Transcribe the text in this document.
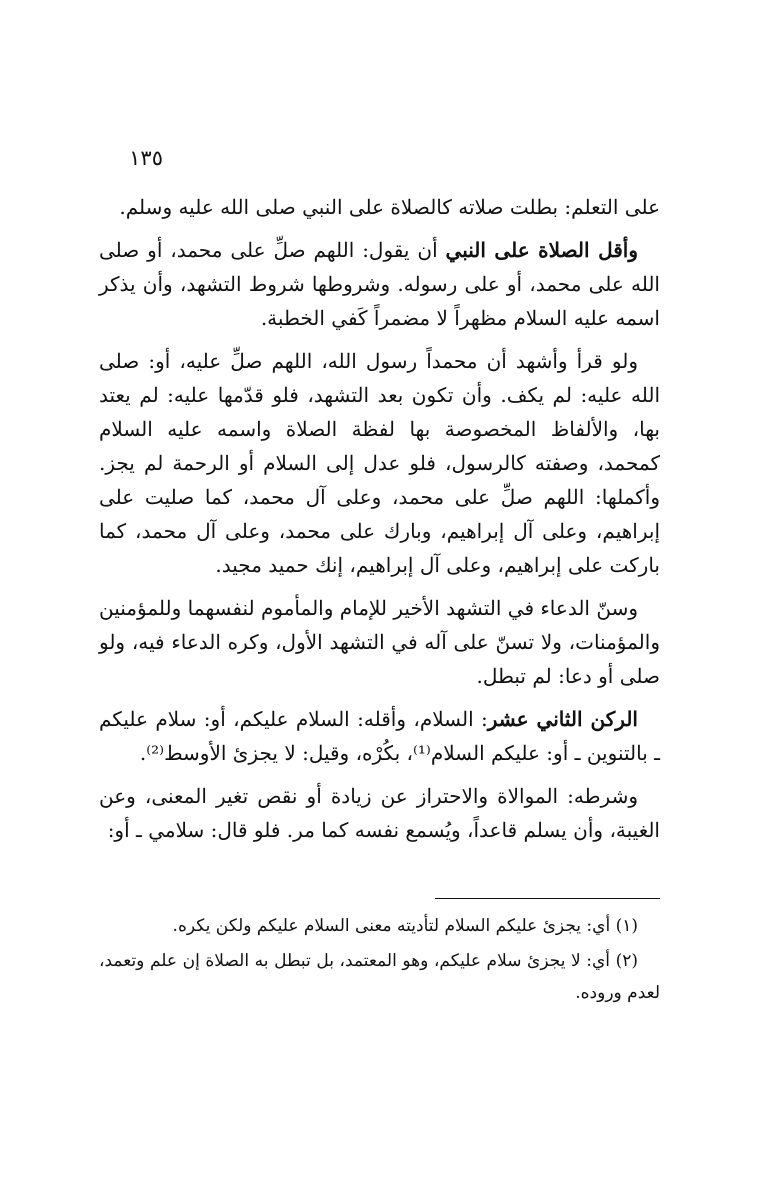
١٣٥

على التعلم: بطلت صلاته كالصلاة على النبي صلى الله عليه وسلم.

وأقل الصلاة على النبي أن يقول: اللهم صلِّ على محمد، أو صلى الله على محمد، أو على رسوله. وشروطها شروط التشهد، وأن يذكر اسمه عليه السلام مظهراً لا مضمراً كَفي الخطبة.

ولو قرأ وأشهد أن محمداً رسول الله، اللهم صلِّ عليه، أو: صلى الله عليه: لم يكف. وأن تكون بعد التشهد، فلو قدّمها عليه: لم يعتد بها، والألفاظ المخصوصة بها لفظة الصلاة واسمه عليه السلام كمحمد، وصفته كالرسول، فلو عدل إلى السلام أو الرحمة لم يجز. وأكملها: اللهم صلِّ على محمد، وعلى آل محمد، كما صليت على إبراهيم، وعلى آل إبراهيم، وبارك على محمد، وعلى آل محمد، كما باركت على إبراهيم، وعلى آل إبراهيم، إنك حميد مجيد.

وسنّ الدعاء في التشهد الأخير للإمام والمأموم لنفسهما وللمؤمنين والمؤمنات، ولا تسنّ على آله في التشهد الأول، وكره الدعاء فيه، ولو صلى أو دعا: لم تبطل.

الركن الثاني عشر: السلام، وأقله: السلام عليكم، أو: سلام عليكم ـ بالتنوين ـ أو: عليكم السلام⁽¹⁾، بكُرْه، وقيل: لا يجزئ الأوسط⁽²⁾.

وشرطه: الموالاة والاحتراز عن زيادة أو نقص تغير المعنى، وعن الغيبة، وأن يسلم قاعداً، ويُسمع نفسه كما مر. فلو قال: سلامي ـ أو:

(١) أي: يجزئ عليكم السلام لتأديته معنى السلام عليكم ولكن يكره.

(٢) أي: لا يجزئ سلام عليكم، وهو المعتمد، بل تبطل به الصلاة إن علم وتعمد، لعدم وروده.
